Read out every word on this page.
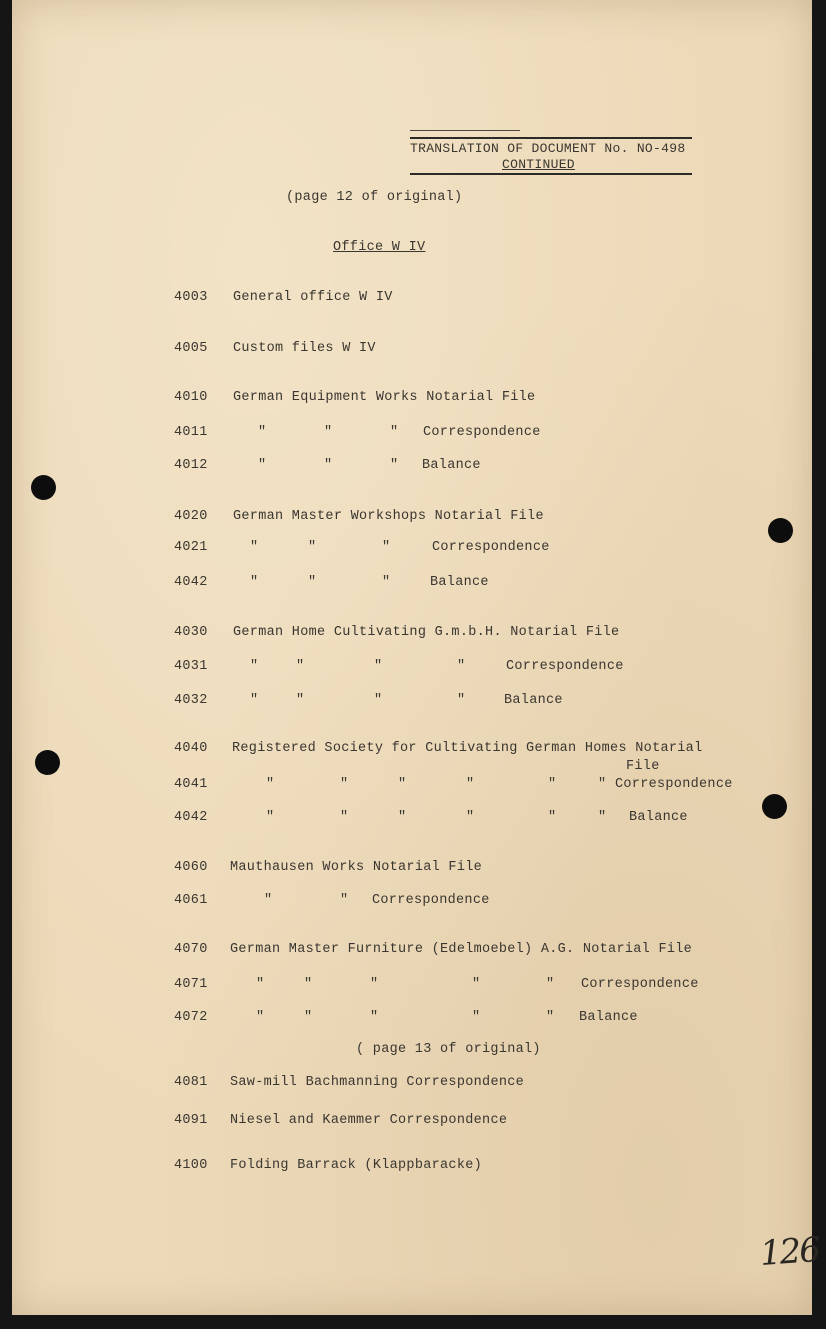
TRANSLATION OF DOCUMENT No. NO-498
CONTINUED
(page 12 of original)
Office W IV
4003 General office W IV
4005 Custom files W IV
4010 German Equipment Works Notarial File
4011	"	"	" Correspondence
4012	"	"	" Balance
4020 German Master Workshops Notarial File
4021	"	"	"	Correspondence
4042	"	"	"	Balance
4030 German Home Cultivating G.m.b.H. Notarial File
4031	"	"	"	"	Correspondence
4032	"	"	"	"	Balance
4040 Registered Society for Cultivating German Homes Notarial
File
4041	"	"	"	"	"	" Correspondence
4042	"	"	"	"	"	" Balance
4060 Mauthausen Works Notarial File
4061	"	" Correspondence
4070 German Master Furniture (Edelmoebel) A.G. Notarial File
4071	"	"	"	"	" Correspondence
4072	"	"	"	"	" Balance
( page 13 of original)
4081 Saw-mill Bachmanning Correspondence
4091 Niesel and Kaemmer Correspondence
4100 Folding Barrack (Klappbaracke)
126
